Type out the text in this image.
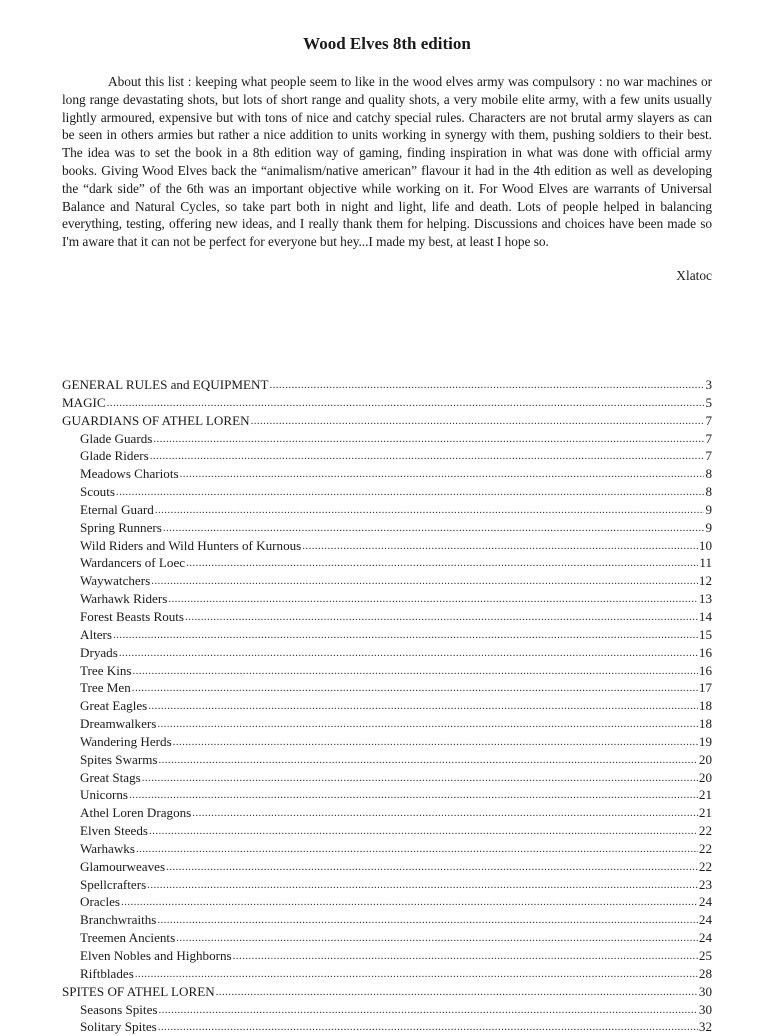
Wood Elves 8th edition

About this list : keeping what people seem to like in the wood elves army was compulsory : no war machines or long range devastating shots, but lots of short range and quality shots, a very mobile elite army, with a few units usually lightly armoured, expensive but with tons of nice and catchy special rules. Characters are not brutal army slayers as can be seen in others armies but rather a nice addition to units working in synergy with them, pushing soldiers to their best. The idea was to set the book in a 8th edition way of gaming, finding inspiration in what was done with official army books. Giving Wood Elves back the “animalism/native american” flavour it had in the 4th edition as well as developing the “dark side” of the 6th was an important objective while working on it. For Wood Elves are warrants of Universal Balance and Natural Cycles, so take part both in night and light, life and death. Lots of people helped in balancing everything, testing, offering new ideas, and I really thank them for helping. Discussions and choices have been made so I'm aware that it can not be perfect for everyone but hey...I made my best, at least I hope so.

Xlatoc
GENERAL RULES and EQUIPMENT .....	3
MAGIC .....	5
GUARDIANS OF ATHEL LOREN .....	7
Glade Guards .....	7
Glade Riders .....	7
Meadows Chariots .....	8
Scouts .....	8
Eternal Guard .....	9
Spring Runners .....	9
Wild Riders and Wild Hunters of Kurnous .....	10
Wardancers of Loec .....	11
Waywatchers .....	12
Warhawk Riders .....	13
Forest Beasts Routs .....	14
Alters .....	15
Dryads .....	16
Tree Kins .....	16
Tree Men .....	17
Great Eagles .....	18
Dreamwalkers .....	18
Wandering Herds .....	19
Spites Swarms .....	20
Great Stags .....	20
Unicorns .....	21
Athel Loren Dragons .....	21
Elven Steeds .....	22
Warhawks .....	22
Glamourweaves .....	22
Spellcrafters .....	23
Oracles .....	24
Branchwraiths .....	24
Treemen Ancients .....	24
Elven Nobles and Highborns .....	25
Riftblades .....	28
SPITES OF ATHEL LOREN .....	30
Seasons Spites .....	30
Solitary Spites .....	32
